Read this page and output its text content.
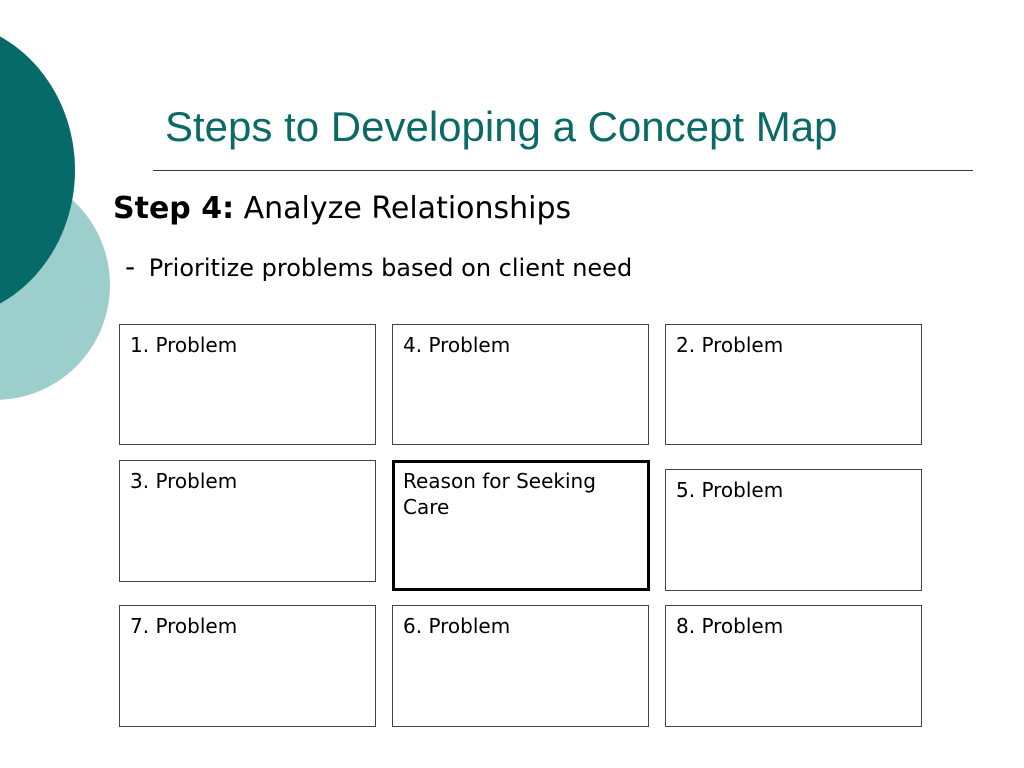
Steps to Developing a Concept Map
Step 4: Analyze Relationships
- Prioritize problems based on client need
1. Problem	4. Problem	2. Problem
3. Problem	Reason for Seeking Care
5. Problem
7. Problem	6. Problem	8. Problem
